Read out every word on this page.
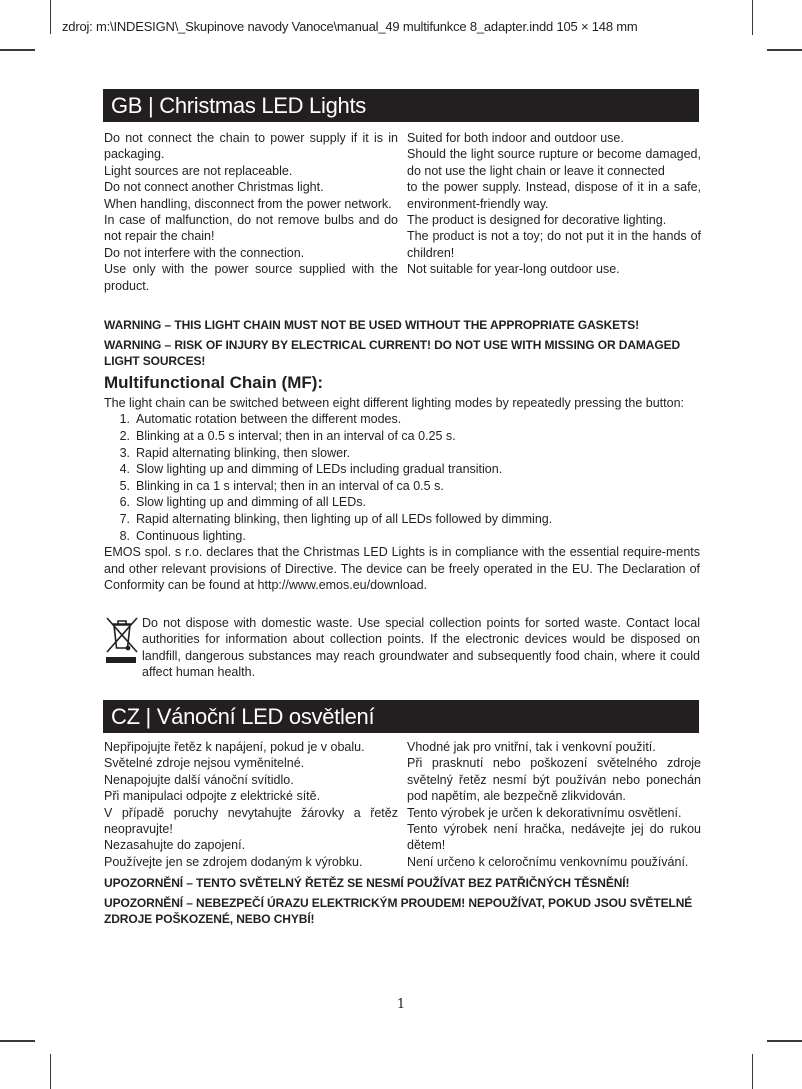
zdroj: m:\INDESIGN\_Skupinove navody Vanoce\manual_49 multifunkce 8_adapter.indd 105 × 148 mm
GB | Christmas LED Lights

Do not connect the chain to power supply if it is in packaging.

Light sources are not replaceable.

Do not connect another Christmas light.

When handling, disconnect from the power network.

In case of malfunction, do not remove bulbs and do not repair the chain!

Do not interfere with the connection.

Use only with the power source supplied with the product.

Suited for both indoor and outdoor use.

Should the light source rupture or become damaged, do not use the light chain or leave it connected

to the power supply. Instead, dispose of it in a safe, environment-friendly way.

The product is designed for decorative lighting.

The product is not a toy; do not put it in the hands of children!

Not suitable for year-long outdoor use.

WARNING – THIS LIGHT CHAIN MUST NOT BE USED WITHOUT THE APPROPRIATE GASKETS!

WARNING – RISK OF INJURY BY ELECTRICAL CURRENT! DO NOT USE WITH MISSING OR DAMAGED LIGHT SOURCES!

Multifunctional Chain (MF):

The light chain can be switched between eight different lighting modes by repeatedly pressing the button:

1. Automatic rotation between the different modes.
2. Blinking at a 0.5 s interval; then in an interval of ca 0.25 s.
3. Rapid alternating blinking, then slower.
4. Slow lighting up and dimming of LEDs including gradual transition.
5. Blinking in ca 1 s interval; then in an interval of ca 0.5 s.
6. Slow lighting up and dimming of all LEDs.
7. Rapid alternating blinking, then lighting up of all LEDs followed by dimming.
8. Continuous lighting.

EMOS spol. s r.o. declares that the Christmas LED Lights is in compliance with the essential require-ments and other relevant provisions of Directive. The device can be freely operated in the EU. The Declaration of Conformity can be found at http://www.emos.eu/download.

Do not dispose with domestic waste. Use special collection points for sorted waste. Contact local authorities for information about collection points. If the electronic devices would be disposed on landfill, dangerous substances may reach groundwater and subsequently food chain, where it could affect human health.
CZ | Vánoční LED osvětlení

Nepřipojujte řetěz k napájení, pokud je v obalu.

Světelné zdroje nejsou vyměnitelné.

Nenapojujte další vánoční svítidlo.

Při manipulaci odpojte z elektrické sítě.

V případě poruchy nevytahujte žárovky a řetěz neopravujte!

Nezasahujte do zapojení.

Používejte jen se zdrojem dodaným k výrobku.

Vhodné jak pro vnitřní, tak i venkovní použití.

Při prasknutí nebo poškození světelného zdroje světelný řetěz nesmí být používán nebo ponechán pod napětím, ale bezpečně zlikvidován.

Tento výrobek je určen k dekorativnímu osvětlení.

Tento výrobek není hračka, nedávejte jej do rukou dětem!

Není určeno k celoročnímu venkovnímu používání.

UPOZORNĚNÍ – TENTO SVĚTELNÝ ŘETĚZ SE NESMÍ POUŽÍVAT BEZ PATŘIČNÝCH TĚSNĚNÍ!

UPOZORNĚNÍ – NEBEZPEČÍ ÚRAZU ELEKTRICKÝM PROUDEM! NEPOUŽÍVAT, POKUD JSOU SVĚTELNÉ ZDROJE POŠKOZENÉ, NEBO CHYBÍ!

1
